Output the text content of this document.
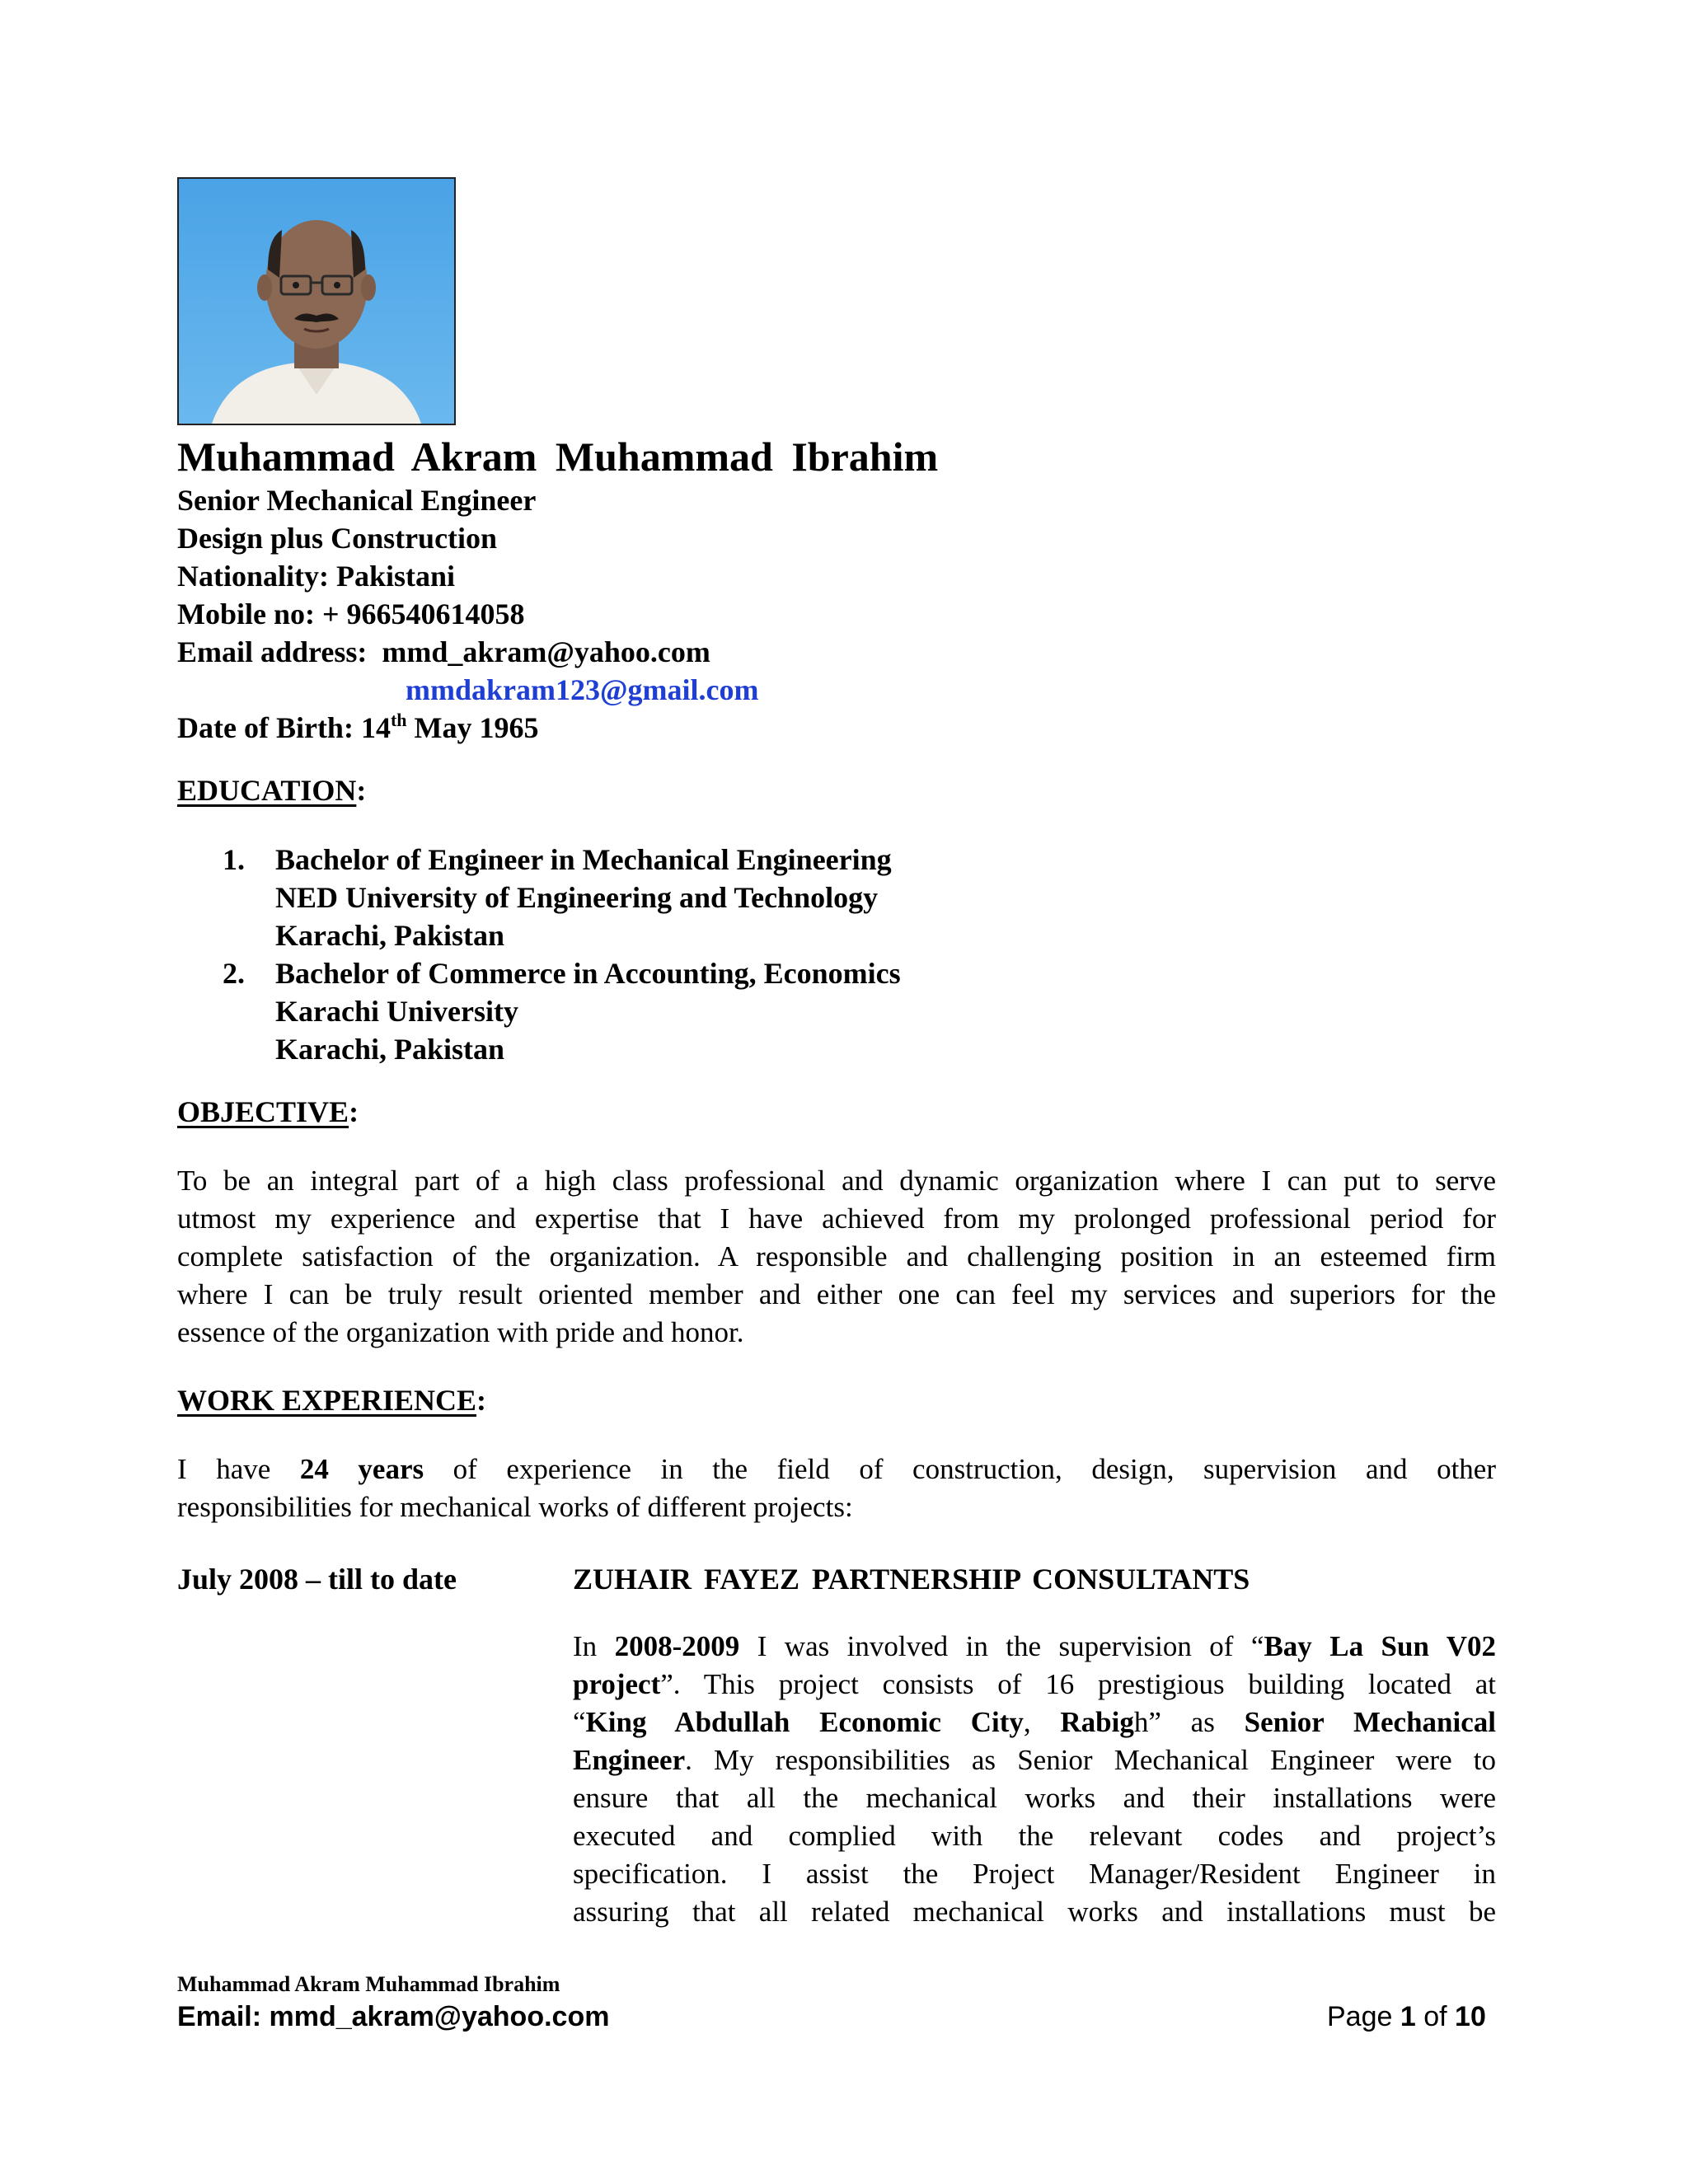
Muhammad Akram Muhammad Ibrahim
Senior Mechanical Engineer
Design plus Construction
Nationality: Pakistani
Mobile no: + 966540614058
Email address: mmd_akram@yahoo.com
mmdakram123@gmail.com
Date of Birth: 14th May 1965
EDUCATION:
1. Bachelor of Engineer in Mechanical Engineering
NED University of Engineering and Technology
Karachi, Pakistan
2. Bachelor of Commerce in Accounting, Economics
Karachi University
Karachi, Pakistan
OBJECTIVE:
To be an integral part of a high class professional and dynamic organization where I can put to serve
utmost my experience and expertise that I have achieved from my prolonged professional period for
complete satisfaction of the organization. A responsible and challenging position in an esteemed firm
where I can be truly result oriented member and either one can feel my services and superiors for the
essence of the organization with pride and honor.
WORK EXPERIENCE:
I have 24 years of experience in the field of construction, design, supervision and other
responsibilities for mechanical works of different projects:
July 2008 – till to date	ZUHAIR FAYEZ PARTNERSHIP CONSULTANTS
In 2008-2009 I was involved in the supervision of “Bay La Sun V02
project”. This project consists of 16 prestigious building located at
“King Abdullah Economic City, Rabigh” as Senior Mechanical
Engineer. My responsibilities as Senior Mechanical Engineer were to
ensure that all the mechanical works and their installations were
executed and complied with the relevant codes and project’s
specification. I assist the Project Manager/Resident Engineer in
assuring that all related mechanical works and installations must be
Muhammad Akram Muhammad Ibrahim
Email: mmd_akram@yahoo.com	Page 1 of 10
